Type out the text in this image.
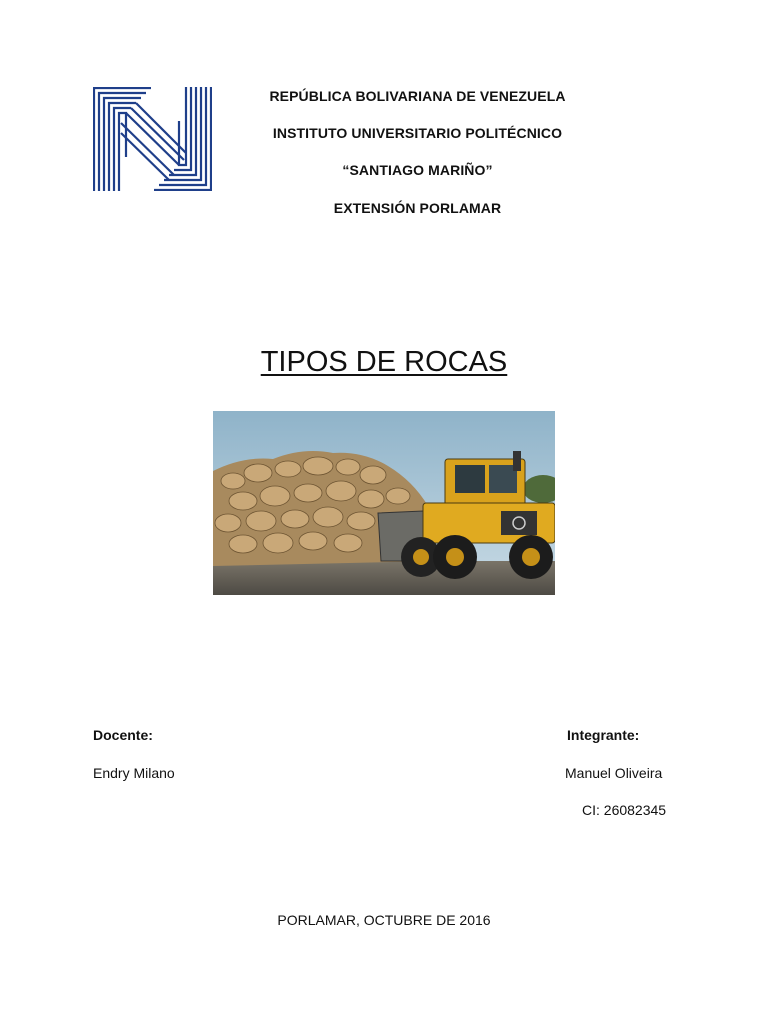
REPÚBLICA BOLIVARIANA DE VENEZUELA
INSTITUTO UNIVERSITARIO POLITÉCNICO
“SANTIAGO MARIÑO”
EXTENSIÓN PORLAMAR
TIPOS DE ROCAS
Docente:
Endry Milano
Integrante:
Manuel Oliveira
CI: 26082345
PORLAMAR, OCTUBRE DE 2016
